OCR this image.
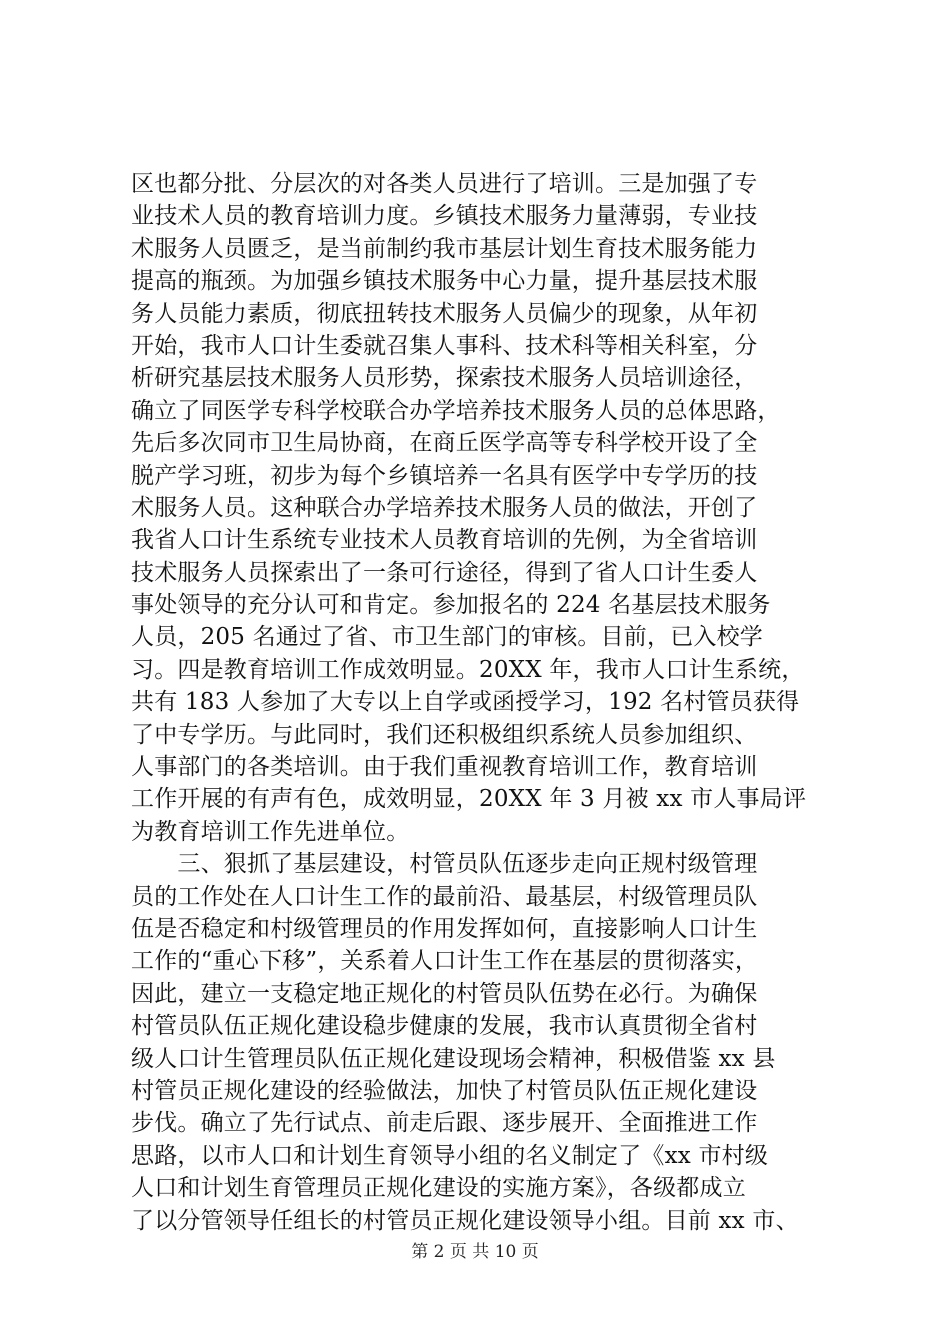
区也都分批、分层次的对各类人员进行了培训。三是加强了专
业技术人员的教育培训力度。乡镇技术服务力量薄弱，专业技
术服务人员匮乏，是当前制约我市基层计划生育技术服务能力
提高的瓶颈。为加强乡镇技术服务中心力量，提升基层技术服
务人员能力素质，彻底扭转技术服务人员偏少的现象，从年初
开始，我市人口计生委就召集人事科、技术科等相关科室，分
析研究基层技术服务人员形势，探索技术服务人员培训途径，
确立了同医学专科学校联合办学培养技术服务人员的总体思路，
先后多次同市卫生局协商，在商丘医学高等专科学校开设了全
脱产学习班，初步为每个乡镇培养一名具有医学中专学历的技
术服务人员。这种联合办学培养技术服务人员的做法，开创了
我省人口计生系统专业技术人员教育培训的先例，为全省培训
技术服务人员探索出了一条可行途径，得到了省人口计生委人
事处领导的充分认可和肯定。参加报名的 224 名基层技术服务
人员，205 名通过了省、市卫生部门的审核。目前，已入校学
习。四是教育培训工作成效明显。20XX 年，我市人口计生系统，
共有 183 人参加了大专以上自学或函授学习，192 名村管员获得
了中专学历。与此同时，我们还积极组织系统人员参加组织、
人事部门的各类培训。由于我们重视教育培训工作，教育培训
工作开展的有声有色，成效明显，20XX 年 3 月被 xx 市人事局评
为教育培训工作先进单位。
　　三、狠抓了基层建设，村管员队伍逐步走向正规村级管理
员的工作处在人口计生工作的最前沿、最基层，村级管理员队
伍是否稳定和村级管理员的作用发挥如何，直接影响人口计生
工作的“重心下移”，关系着人口计生工作在基层的贯彻落实，
因此，建立一支稳定地正规化的村管员队伍势在必行。为确保
村管员队伍正规化建设稳步健康的发展，我市认真贯彻全省村
级人口计生管理员队伍正规化建设现场会精神，积极借鉴 xx 县
村管员正规化建设的经验做法，加快了村管员队伍正规化建设
步伐。确立了先行试点、前走后跟、逐步展开、全面推进工作
思路，以市人口和计划生育领导小组的名义制定了《xx 市村级
人口和计划生育管理员正规化建设的实施方案》，各级都成立
了以分管领导任组长的村管员正规化建设领导小组。目前 xx 市、
第 2 页 共 10 页
